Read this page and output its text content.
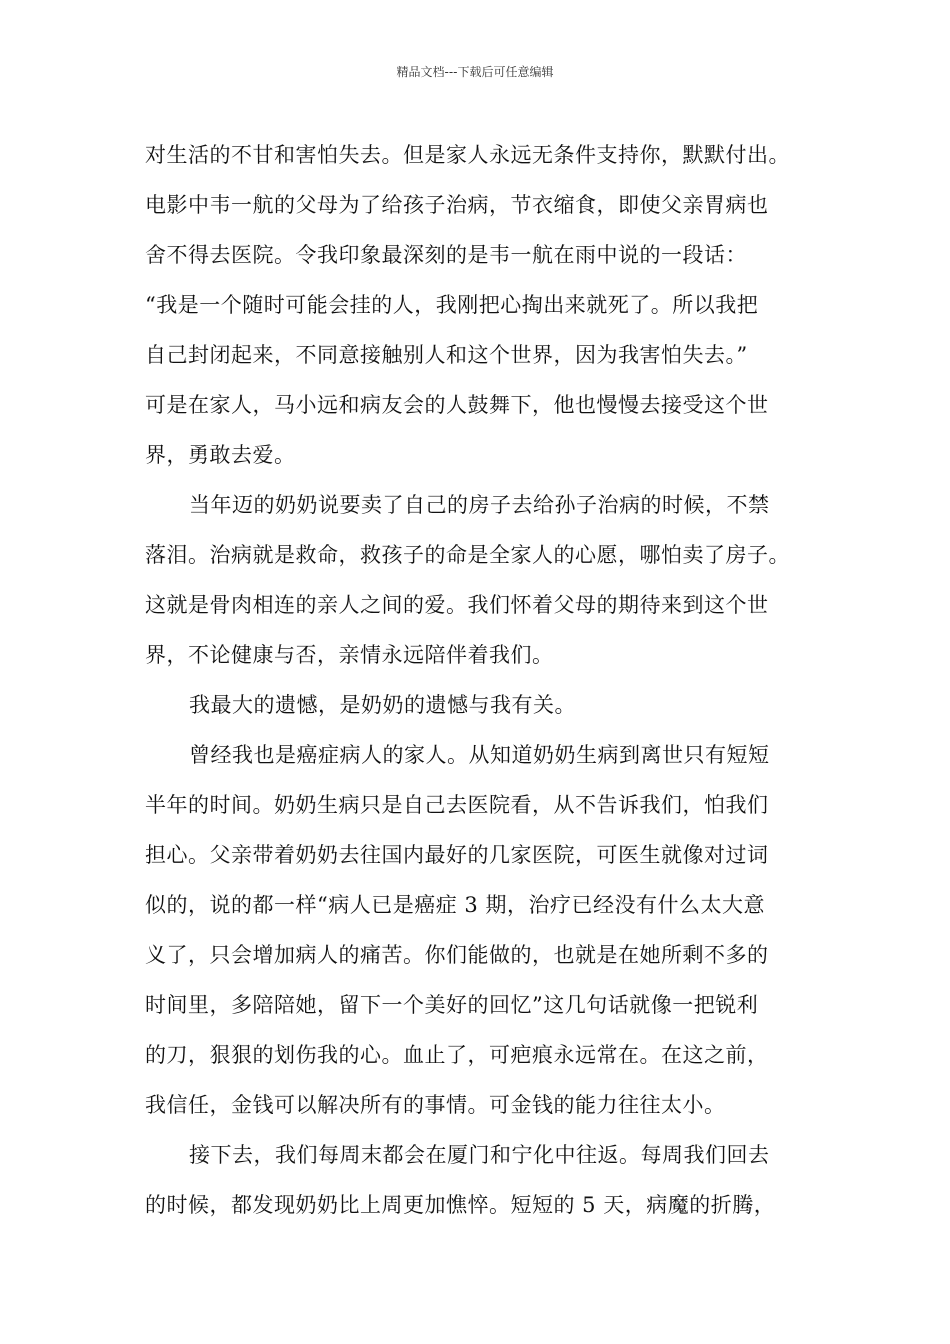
精品文档---下载后可任意编辑
对生活的不甘和害怕失去。但是家人永远无条件支持你，默默付出。
电影中韦一航的父母为了给孩子治病，节衣缩食，即使父亲胃病也
舍不得去医院。令我印象最深刻的是韦一航在雨中说的一段话：
“我是一个随时可能会挂的人，我刚把心掏出来就死了。所以我把
自己封闭起来，不同意接触别人和这个世界，因为我害怕失去。”
可是在家人，马小远和病友会的人鼓舞下，他也慢慢去接受这个世
界，勇敢去爱。
当年迈的奶奶说要卖了自己的房子去给孙子治病的时候，不禁
落泪。治病就是救命，救孩子的命是全家人的心愿，哪怕卖了房子。
这就是骨肉相连的亲人之间的爱。我们怀着父母的期待来到这个世
界，不论健康与否，亲情永远陪伴着我们。
我最大的遗憾，是奶奶的遗憾与我有关。
曾经我也是癌症病人的家人。从知道奶奶生病到离世只有短短
半年的时间。奶奶生病只是自己去医院看，从不告诉我们，怕我们
担心。父亲带着奶奶去往国内最好的几家医院，可医生就像对过词
似的，说的都一样“病人已是癌症 3 期，治疗已经没有什么太大意
义了，只会增加病人的痛苦。你们能做的，也就是在她所剩不多的
时间里，多陪陪她，留下一个美好的回忆”这几句话就像一把锐利
的刀，狠狠的划伤我的心。血止了，可疤痕永远常在。在这之前，
我信任，金钱可以解决所有的事情。可金钱的能力往往太小。
接下去，我们每周末都会在厦门和宁化中往返。每周我们回去
的时候，都发现奶奶比上周更加憔悴。短短的 5 天，病魔的折腾，
